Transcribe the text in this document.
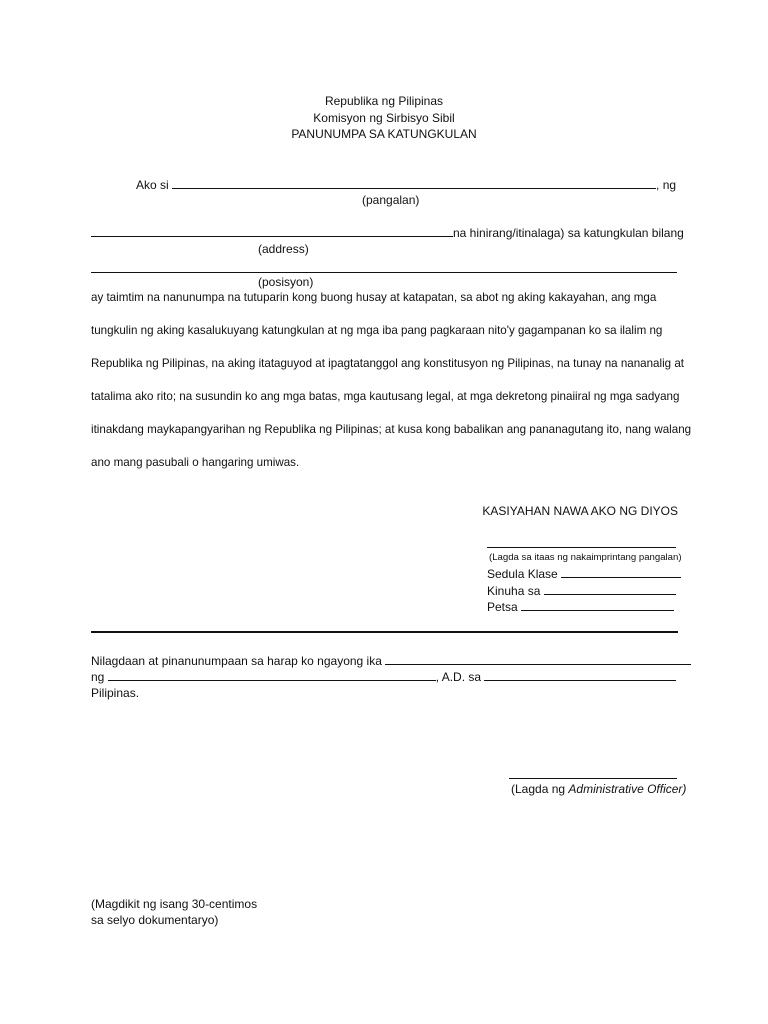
Republika ng Pilipinas
Komisyon ng Sirbisyo Sibil
PANUNUMPA SA KATUNGKULAN
Ako si	, ng
(pangalan)
na hinirang/itinalaga) sa katungkulan bilang
(address)
(posisyon)
ay taimtim na nanunumpa na tutuparin kong buong husay at katapatan, sa abot ng aking kakayahan, ang mga
tungkulin ng aking kasalukuyang katungkulan at ng mga iba pang pagkaraan nito'y gagampanan ko sa ilalim ng
Republika ng Pilipinas, na aking itataguyod at ipagtatanggol ang konstitusyon ng Pilipinas, na tunay na nananalig at
tatalima ako rito; na susundin ko ang mga batas, mga kautusang legal, at mga dekretong pinaiiral ng mga sadyang
itinakdang maykapangyarihan ng Republika ng Pilipinas; at kusa kong babalikan ang pananagutang ito, nang walang
ano mang pasubali o hangaring umiwas.
KASIYAHAN NAWA AKO NG DIYOS
(Lagda sa itaas ng nakaimprintang pangalan)
Sedula Klase
Kinuha sa
Petsa
Nilagdaan at pinanunumpaan sa harap ko ngayong ika
ng	, A.D. sa
Pilipinas.
(Lagda ng Administrative Officer)
(Magdikit ng isang 30-centimos
sa selyo dokumentaryo)
